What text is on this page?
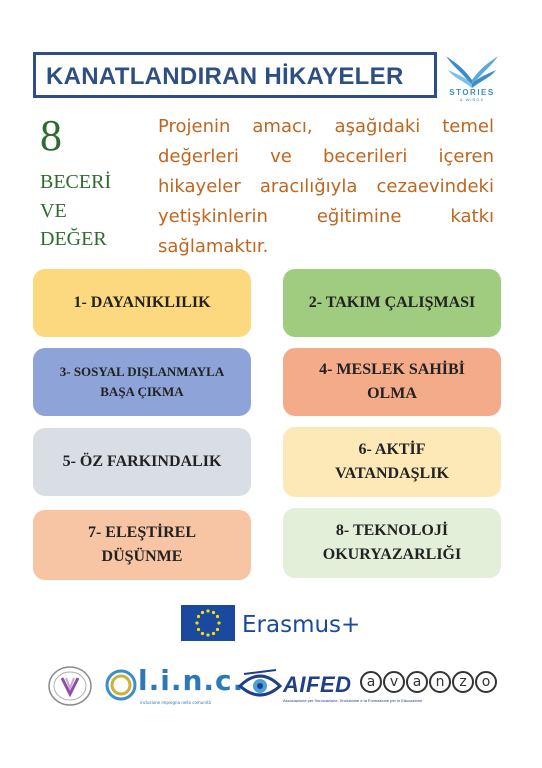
KANATLANDIRAN HİKAYELER
STORIES
& WINGS
8
BECERİ
VE
DEĞER
Projenin amacı, aşağıdaki temel
değerleri ve becerileri içeren
hikayeler aracılığıyla cezaevindeki
yetişkinlerin eğitimine katkı
sağlamaktır.
1- DAYANIKLILIK	2- TAKIM ÇALIŞMASI
3- SOSYAL DIŞLANMAYLA
BAŞA ÇIKMA
4- MESLEK SAHİBİ
OLMA
5- ÖZ FARKINDALIK
6- AKTİF
VATANDAŞLIK
7- ELEŞTİREL
DÜŞÜNME
8- TEKNOLOJİ
OKURYAZARLIĞI
Erasmus+
l.i.n.c.
inclusione impiegna nella comunità
AIFED
Associazione per l'innovazione, l'inclusione e la Formazione per lo Educazione
a	v	a	n	z	o
